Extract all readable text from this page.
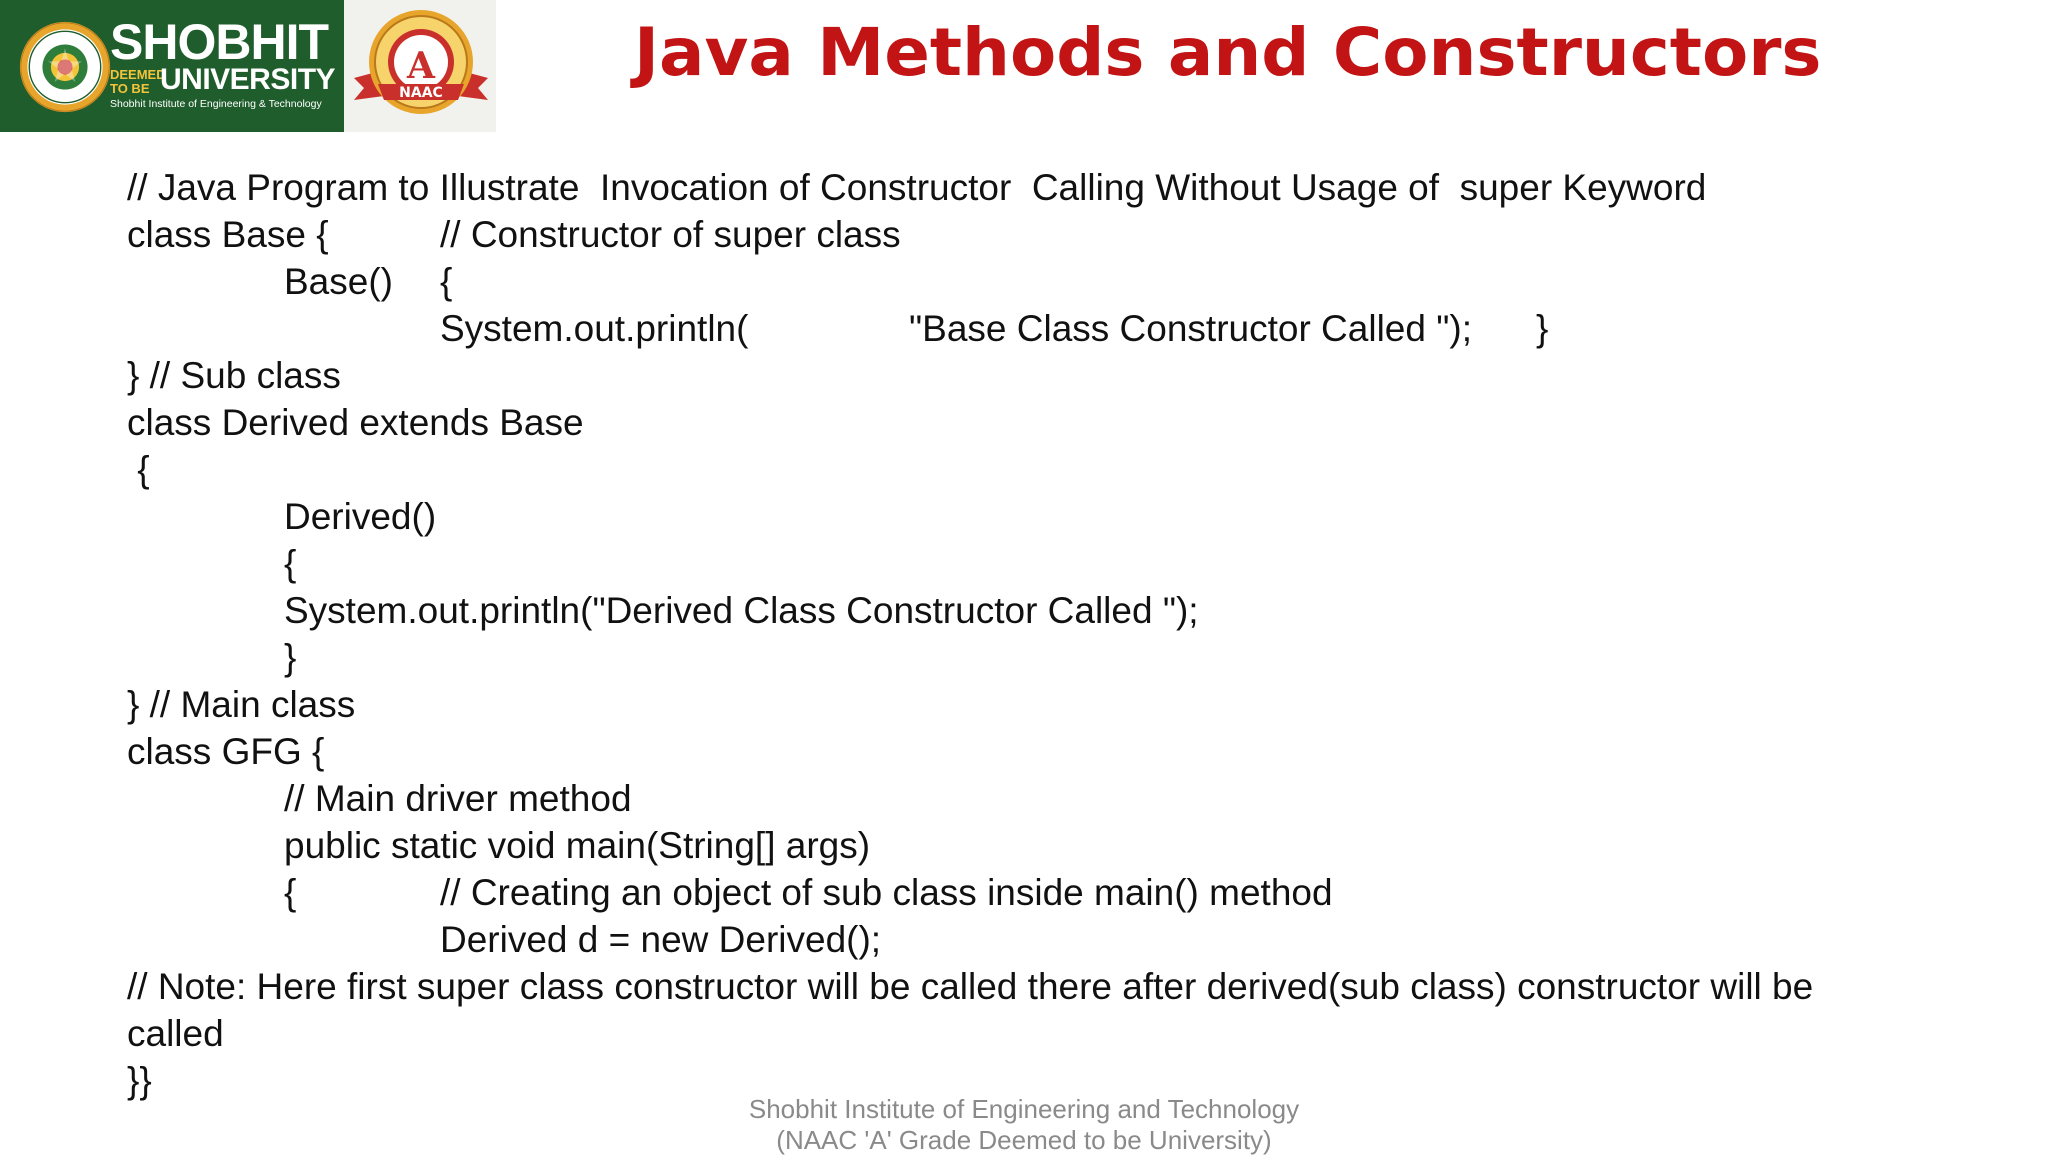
SHOBHIT
DEEMED TO BE UNIVERSITY
Shobhit Institute of Engineering & Technology
A
NAAC
Java Methods and Constructors
// Java Program to Illustrate  Invocation of Constructor  Calling Without Usage of  super Keyword

class Base {

	// Constructor of super class

Base()

{

System.out.println(

	"Base Class Constructor Called ");

}

} // Sub class
class Derived extends Base
{
Derived()
{
System.out.println("Derived Class Constructor Called ");
}
} // Main class
class GFG {
// Main driver method
public static void main(String[] args)

{

	// Creating an object of sub class inside main() method

Derived d = new Derived();
// Note: Here first super class constructor will be called there after derived(sub class) constructor will be
called
}}
Shobhit Institute of Engineering and Technology
(NAAC 'A' Grade Deemed to be University)
